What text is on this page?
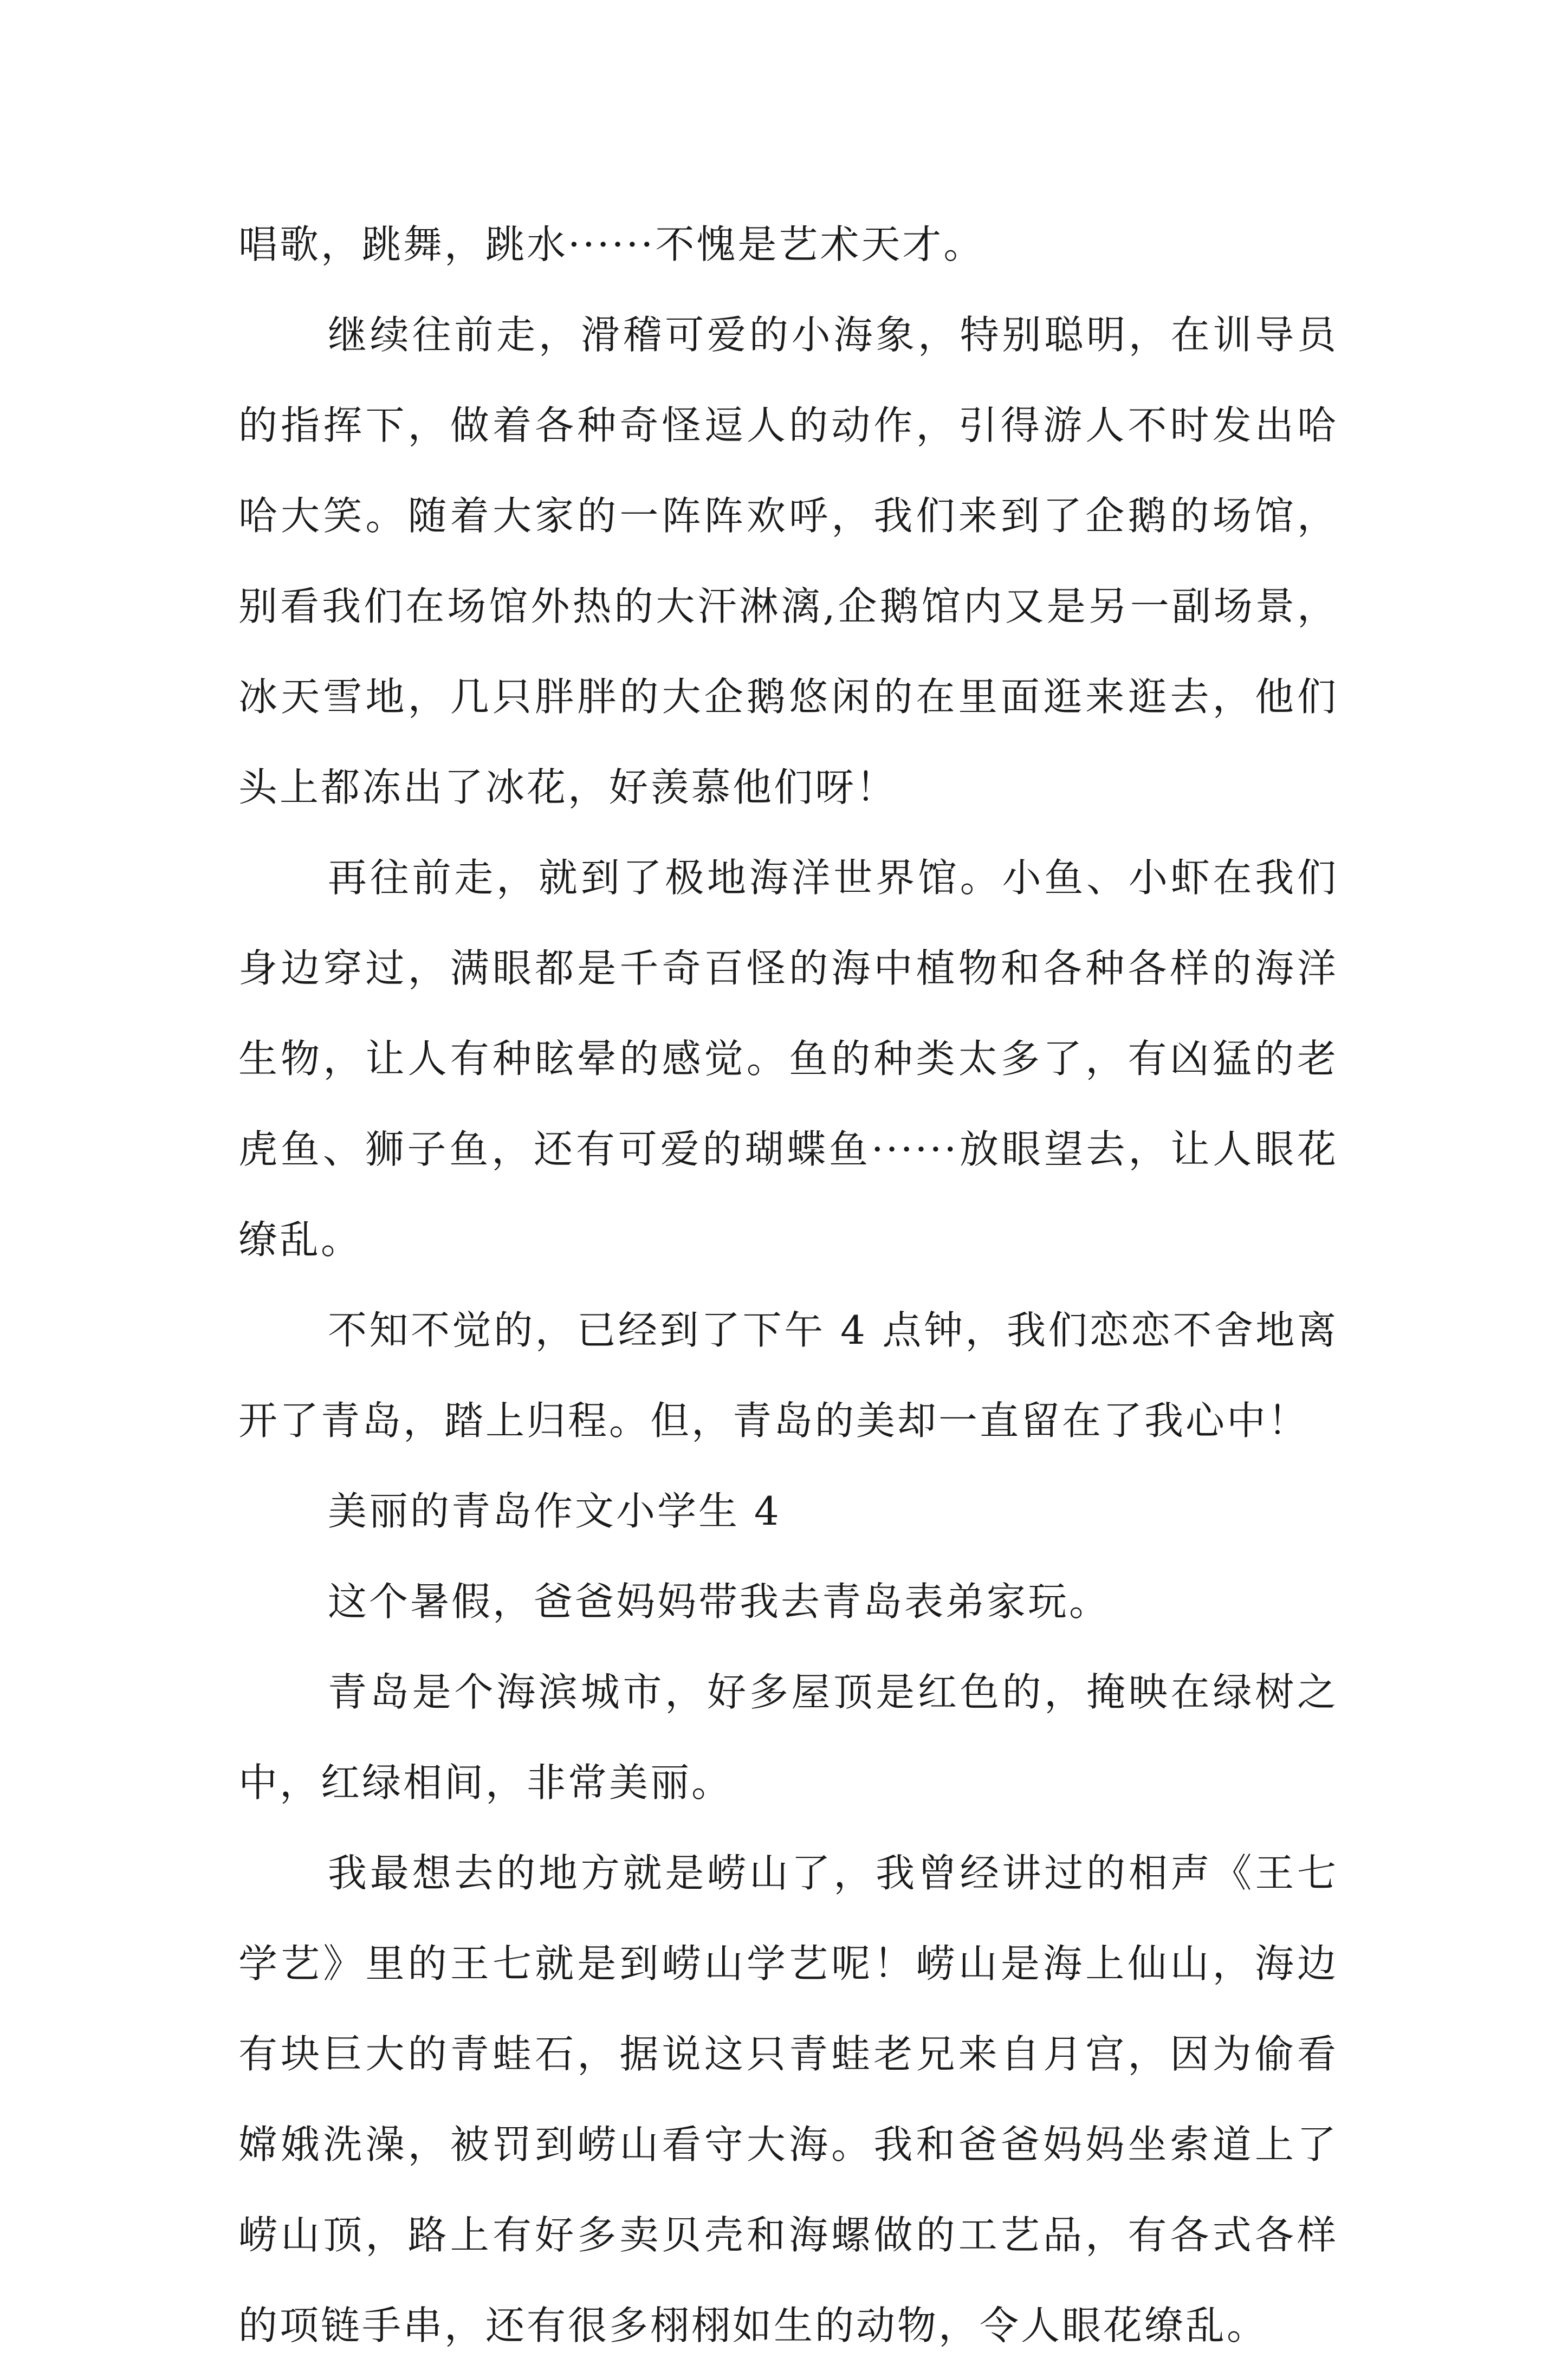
唱歌，跳舞，跳水······不愧是艺术天才。

继续往前走，滑稽可爱的小海象，特别聪明，在训导员的指挥下，做着各种奇怪逗人的动作，引得游人不时发出哈哈大笑。随着大家的一阵阵欢呼，我们来到了企鹅的场馆，别看我们在场馆外热的大汗淋漓,企鹅馆内又是另一副场景，冰天雪地，几只胖胖的大企鹅悠闲的在里面逛来逛去，他们头上都冻出了冰花，好羡慕他们呀！

再往前走，就到了极地海洋世界馆。小鱼、小虾在我们身边穿过，满眼都是千奇百怪的海中植物和各种各样的海洋生物，让人有种眩晕的感觉。鱼的种类太多了，有凶猛的老虎鱼、狮子鱼，还有可爱的瑚蝶鱼······放眼望去，让人眼花缭乱。

不知不觉的，已经到了下午 4 点钟，我们恋恋不舍地离开了青岛，踏上归程。但，青岛的美却一直留在了我心中！

美丽的青岛作文小学生 4

这个暑假，爸爸妈妈带我去青岛表弟家玩。

青岛是个海滨城市，好多屋顶是红色的，掩映在绿树之中，红绿相间，非常美丽。

我最想去的地方就是崂山了，我曾经讲过的相声《王七学艺》里的王七就是到崂山学艺呢！崂山是海上仙山，海边有块巨大的青蛙石，据说这只青蛙老兄来自月宫，因为偷看嫦娥洗澡，被罚到崂山看守大海。我和爸爸妈妈坐索道上了崂山顶，路上有好多卖贝壳和海螺做的工艺品，有各式各样的项链手串，还有很多栩栩如生的动物，令人眼花缭乱。
